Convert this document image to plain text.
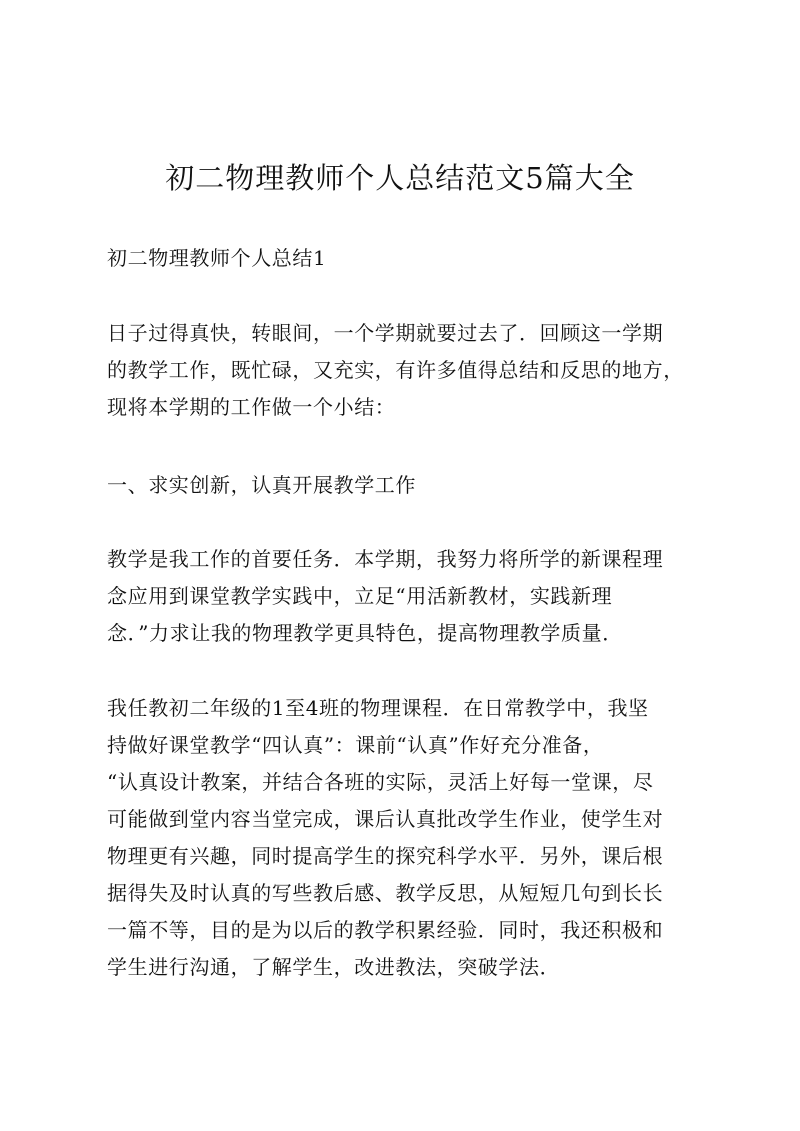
初二物理教师个人总结范文5篇大全
初二物理教师个人总结1
日子过得真快，转眼间，一个学期就要过去了．回顾这一学期
的教学工作，既忙碌，又充实，有许多值得总结和反思的地方，
现将本学期的工作做一个小结：
一、求实创新，认真开展教学工作
教学是我工作的首要任务．本学期，我努力将所学的新课程理
念应用到课堂教学实践中，立足“用活新教材，实践新理
念．”力求让我的物理教学更具特色，提高物理教学质量．
我任教初二年级的1至4班的物理课程．在日常教学中，我坚
持做好课堂教学“四认真”：课前“认真”作好充分准备，
“认真设计教案，并结合各班的实际，灵活上好每一堂课，尽
可能做到堂内容当堂完成，课后认真批改学生作业，使学生对
物理更有兴趣，同时提高学生的探究科学水平．另外，课后根
据得失及时认真的写些教后感、教学反思，从短短几句到长长
一篇不等，目的是为以后的教学积累经验．同时，我还积极和
学生进行沟通，了解学生，改进教法，突破学法．
